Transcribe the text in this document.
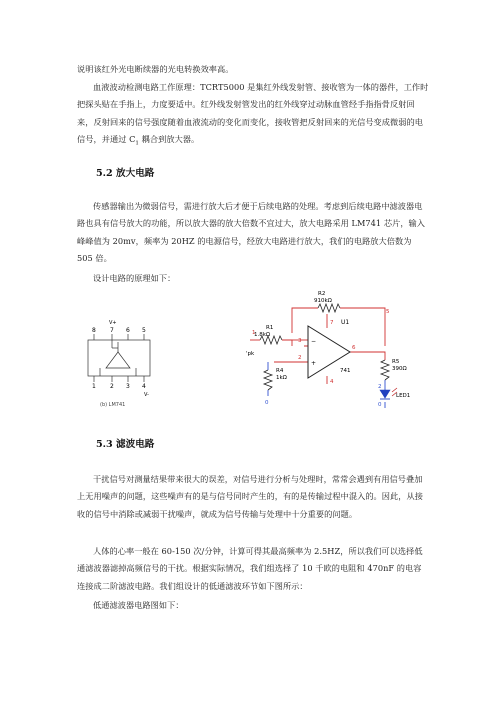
说明该红外光电断续器的光电转换效率高。

血液波动检测电路工作原理：TCRT5000 是集红外线发射管、接收管为一体的器件，工作时把探头贴在手指上，力度要适中。红外线发射管发出的红外线穿过动脉血管经手指指骨反射回来，反射回来的信号强度随着血液流动的变化而变化，接收管把反射回来的光信号变成微弱的电信号，并通过 $C_1$ 耦合到放大器。

5.2 放大电路

传感器输出为微弱信号，需进行放大后才便于后续电路的处理。考虑到后续电路中滤波器电路也具有信号放大的功能，所以放大器的放大倍数不宜过大，放大电路采用 LM741 芯片，输入峰峰值为 20mv，频率为 20HZ 的电源信号，经放大电路进行放大，我们的电路放大倍数为 505 倍。

设计电路的原理如下：

V+
8 7 6 5
1 2 3 4
V-
(b) LM741
R2
910kΩ
R1
1.8kΩ
R4
1kΩ
R5
390Ω
−
+
U1
741
3
2
6
7
4
5
1
'pk
0	0
2
LED1
5.3 滤波电路

干扰信号对测量结果带来很大的误差，对信号进行分析与处理时，常常会遇到有用信号叠加上无用噪声的问题，这些噪声有的是与信号同时产生的，有的是传输过程中混入的。因此，从接收的信号中消除或减弱干扰噪声，就成为信号传输与处理中十分重要的问题。

人体的心率一般在 60-150 次/分钟，计算可得其最高频率为 2.5HZ，所以我们可以选择低通滤波器滤掉高频信号的干扰。根据实际情况，我们组选择了 10 千欧的电阻和 470nF 的电容连接成二阶滤波电路。我们组设计的低通滤波环节如下图所示：

低通滤波器电路图如下：
